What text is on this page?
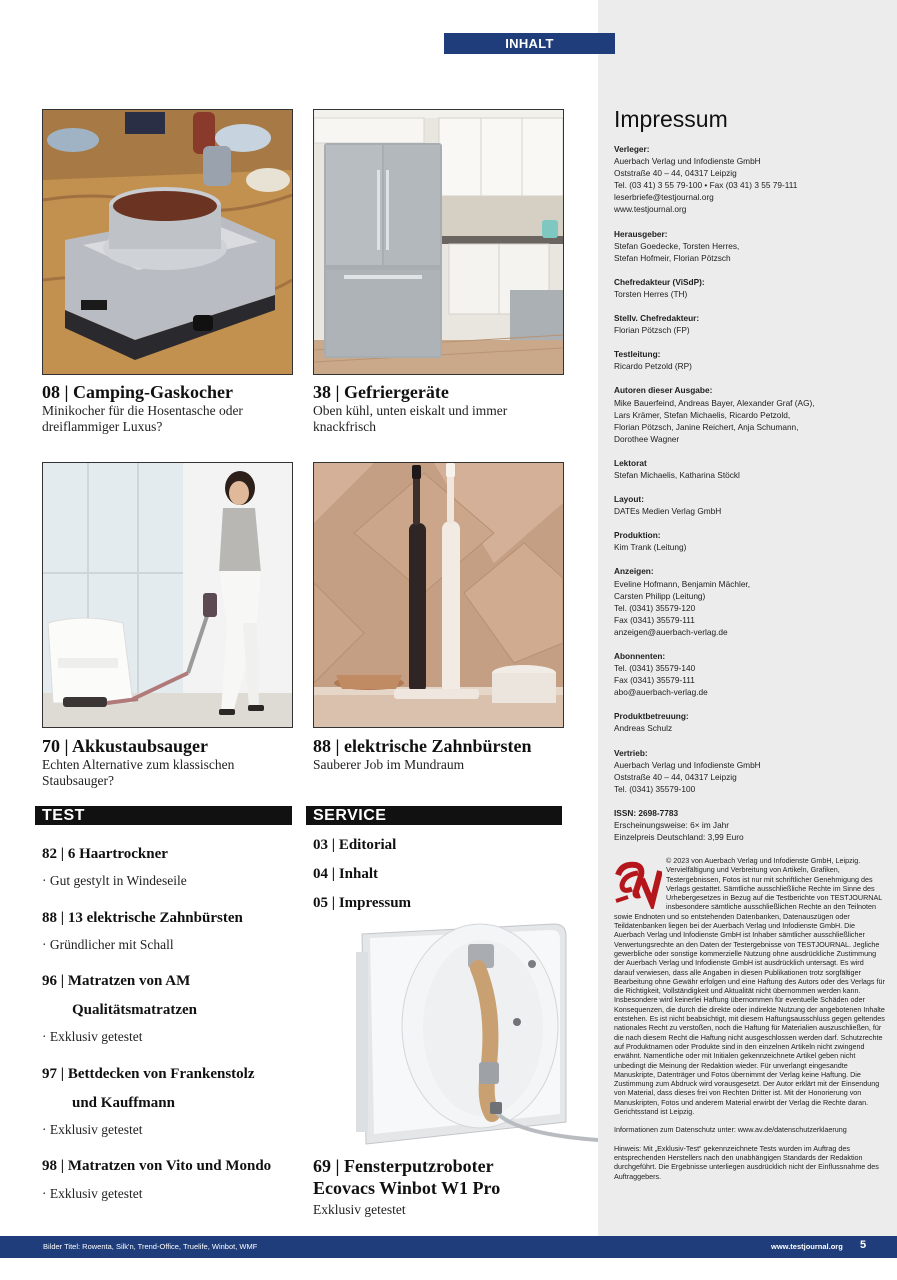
INHALT
08 | Camping-Gaskocher
Minikocher für die Hosentasche oder dreiflammiger Luxus?
38 | Gefriergeräte
Oben kühl, unten eiskalt und immer knackfrisch
70 | Akkustaubsauger
Echten Alternative zum klassischen Staubsauger?
88 | elektrische Zahnbürsten
Sauberer Job im Mundraum
TEST
82 | 6 Haartrockner
· Gut gestylt in Windeseile
88 | 13 elektrische Zahnbürsten
· Gründlicher mit Schall
96 | Matratzen von AM
Qualitätsmatratzen
· Exklusiv getestet
97 | Bettdecken von Frankenstolz
und Kauffmann
· Exklusiv getestet
98 | Matratzen von Vito und Mondo
· Exklusiv getestet
SERVICE
03 | Editorial
04 | Inhalt
05 | Impressum
69 | Fensterputzroboter
Ecovacs Winbot W1 Pro
Exklusiv getestet
Impressum
Verleger:
Auerbach Verlag und Infodienste GmbH
Oststraße 40 – 44, 04317 Leipzig
Tel. (03 41) 3 55 79-100 • Fax (03 41) 3 55 79-111
leserbriefe@testjournal.org
www.testjournal.org
Herausgeber:
Stefan Goedecke, Torsten Herres,
Stefan Hofmeir, Florian Pötzsch
Chefredakteur (ViSdP):
Torsten Herres (TH)
Stellv. Chefredakteur:
Florian Pötzsch (FP)
Testleitung:
Ricardo Petzold (RP)
Autoren dieser Ausgabe:
Mike Bauerfeind, Andreas Bayer, Alexander Graf (AG),
Lars Krämer, Stefan Michaelis, Ricardo Petzold,
Florian Pötzsch, Janine Reichert, Anja Schumann,
Dorothee Wagner
Lektorat
Stefan Michaelis, Katharina Stöckl
Layout:
DATEs Medien Verlag GmbH
Produktion:
Kim Trank (Leitung)
Anzeigen:
Eveline Hofmann, Benjamin Mächler,
Carsten Philipp (Leitung)
Tel. (0341) 35579-120
Fax (0341) 35579-111
anzeigen@auerbach-verlag.de
Abonnenten:
Tel. (0341) 35579-140
Fax (0341) 35579-111
abo@auerbach-verlag.de
Produktbetreuung:
Andreas Schulz
Vertrieb:
Auerbach Verlag und Infodienste GmbH
Oststraße 40 – 44, 04317 Leipzig
Tel. (0341) 35579-100
ISSN: 2698-7783
Erscheinungsweise: 6× im Jahr
Einzelpreis Deutschland: 3,99 Euro
© 2023 von Auerbach Verlag und Infodienste GmbH, Leipzig. Vervielfältigung und Verbreitung von Artikeln, Grafiken, Testergebnissen, Fotos ist nur mit schriftlicher Genehmigung des Verlags gestattet. Sämtliche ausschließliche Rechte im Sinne des Urhebergesetzes in Bezug auf die Testberichte von TESTJOURNAL insbesondere sämtliche ausschließlichen Rechte an den Teilnoten sowie Endnoten und so entstehenden Datenbanken, Datenauszügen oder Teildatenbanken liegen bei der Auerbach Verlag und Infodienste GmbH. Die Auerbach Verlag und Infodienste GmbH ist Inhaber sämtlicher ausschließlicher Verwertungsrechte an den Daten der Testergebnisse von TESTJOURNAL. Jegliche gewerbliche oder sonstige kommerzielle Nutzung ohne ausdrückliche Zustimmung der Auerbach Verlag und Infodienste GmbH ist ausdrücklich untersagt. Es wird darauf verwiesen, dass alle Angaben in diesen Publikationen trotz sorgfältiger Bearbeitung ohne Gewähr erfolgen und eine Haftung des Autors oder des Verlags für die Richtigkeit, Vollständigkeit und Aktualität nicht übernommen werden kann. Insbesondere wird keinerlei Haftung übernommen für eventuelle Schäden oder Konsequenzen, die durch die direkte oder indirekte Nutzung der angebotenen Inhalte entstehen. Es ist nicht beabsichtigt, mit diesem Haftungsausschluss gegen geltendes nationales Recht zu verstoßen, noch die Haftung für Materialien auszuschließen, für die nach diesem Recht die Haftung nicht ausgeschlossen werden darf. Schutzrechte auf Produktnamen oder Produkte sind in den einzelnen Artikeln nicht zwingend erwähnt. Namentliche oder mit Initialen gekennzeichnete Artikel geben nicht unbedingt die Meinung der Redaktion wieder. Für unverlangt eingesandte Manuskripte, Datenträger und Fotos übernimmt der Verlag keine Haftung. Die Zustimmung zum Abdruck wird vorausgesetzt. Der Autor erklärt mit der Einsendung von Material, dass dieses frei von Rechten Dritter ist. Mit der Honorierung von Manuskripten, Fotos und anderem Material erwirbt der Verlag die Rechte daran. Gerichtsstand ist Leipzig.
Informationen zum Datenschutz unter: www.av.de/datenschutzerklaerung
Hinweis: Mit „Exklusiv-Test“ gekennzeichnete Tests wurden im Auftrag des entsprechenden Herstellers nach den unabhängigen Standards der Redaktion durchgeführt. Die Ergebnisse unterliegen ausdrücklich nicht der Einflussnahme des Auftraggebers.
Bilder Titel: Rowenta, Silk'n, Trend-Office, Truelife, Winbot, WMF	www.testjournal.org 5
